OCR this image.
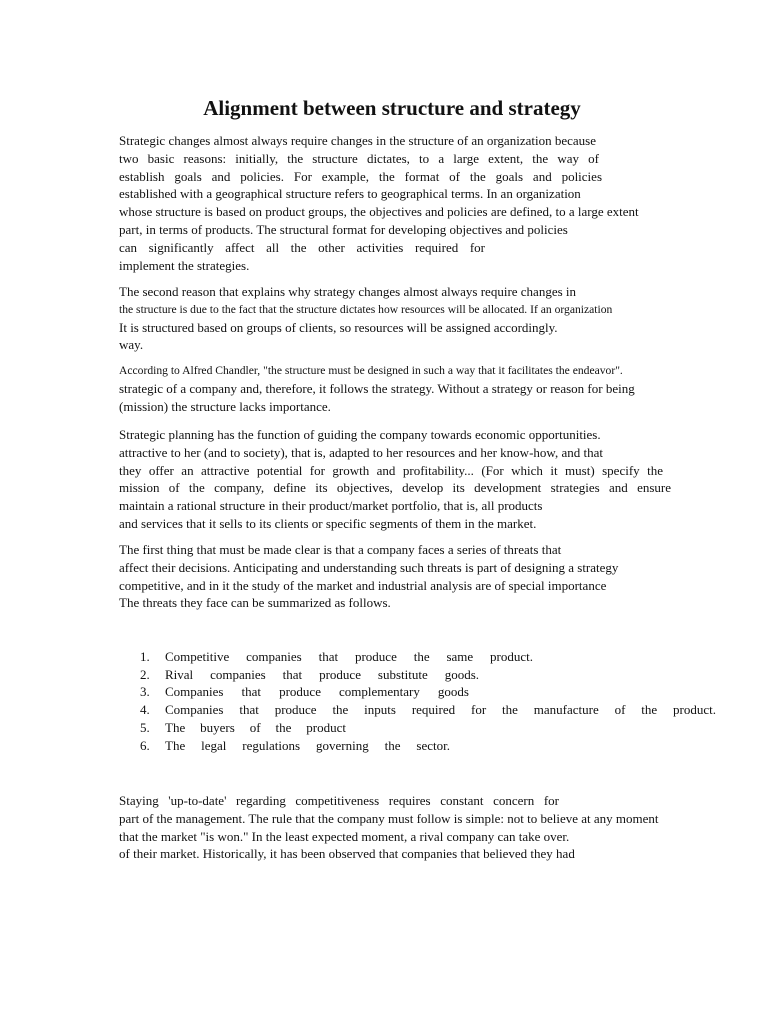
Alignment between structure and strategy

Strategic changes almost always require changes in the structure of an organization because
two basic reasons: initially, the structure dictates, to a large extent, the way of
establish goals and policies. For example, the format of the goals and policies
established with a geographical structure refers to geographical terms. In an organization
whose structure is based on product groups, the objectives and policies are defined, to a large extent
part, in terms of products. The structural format for developing objectives and policies
can significantly affect all the other activities required for
implement the strategies.

The second reason that explains why strategy changes almost always require changes in
the structure is due to the fact that the structure dictates how resources will be allocated. If an organization
It is structured based on groups of clients, so resources will be assigned accordingly.
way.

According to Alfred Chandler, "the structure must be designed in such a way that it facilitates the endeavor".
strategic of a company and, therefore, it follows the strategy. Without a strategy or reason for being
(mission) the structure lacks importance.

Strategic planning has the function of guiding the company towards economic opportunities.
attractive to her (and to society), that is, adapted to her resources and her know-how, and that
they offer an attractive potential for growth and profitability... (For which it must) specify the
mission of the company, define its objectives, develop its development strategies and ensure
maintain a rational structure in their product/market portfolio, that is, all products
and services that it sells to its clients or specific segments of them in the market.

The first thing that must be made clear is that a company faces a series of threats that
affect their decisions. Anticipating and understanding such threats is part of designing a strategy
competitive, and in it the study of the market and industrial analysis are of special importance
The threats they face can be summarized as follows.

1.	Competitive companies that produce the same product.
2.	Rival companies that produce substitute goods.
3.	Companies that produce complementary goods
4.	Companies that produce the inputs required for the manufacture of the product.
5.	The buyers of the product
6.	The legal regulations governing the sector.

Staying 'up-to-date' regarding competitiveness requires constant concern for
part of the management. The rule that the company must follow is simple: not to believe at any moment
that the market "is won." In the least expected moment, a rival company can take over.
of their market. Historically, it has been observed that companies that believed they had
